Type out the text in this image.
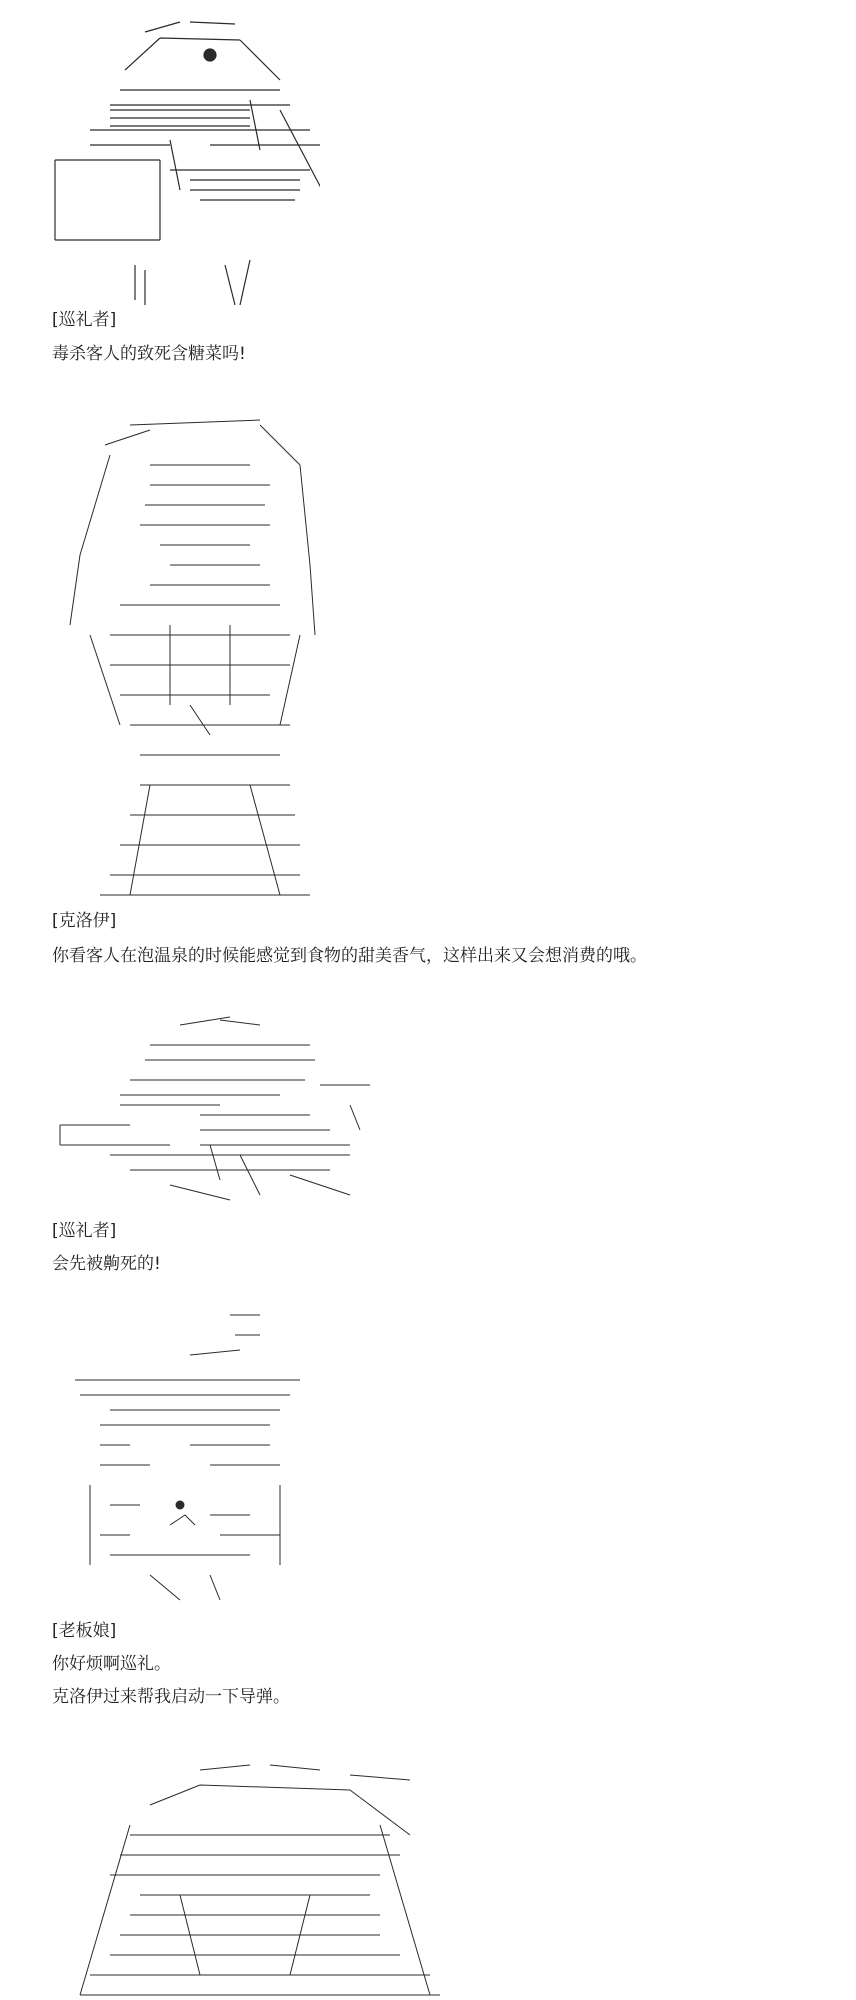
[巡礼者]
毒杀客人的致死含糖菜吗!
[克洛伊]
你看客人在泡温泉的时候能感觉到食物的甜美香气，这样出来又会想消费的哦。
[巡礼者]
会先被齁死的!
[老板娘]
你好烦啊巡礼。
克洛伊过来帮我启动一下导弹。
